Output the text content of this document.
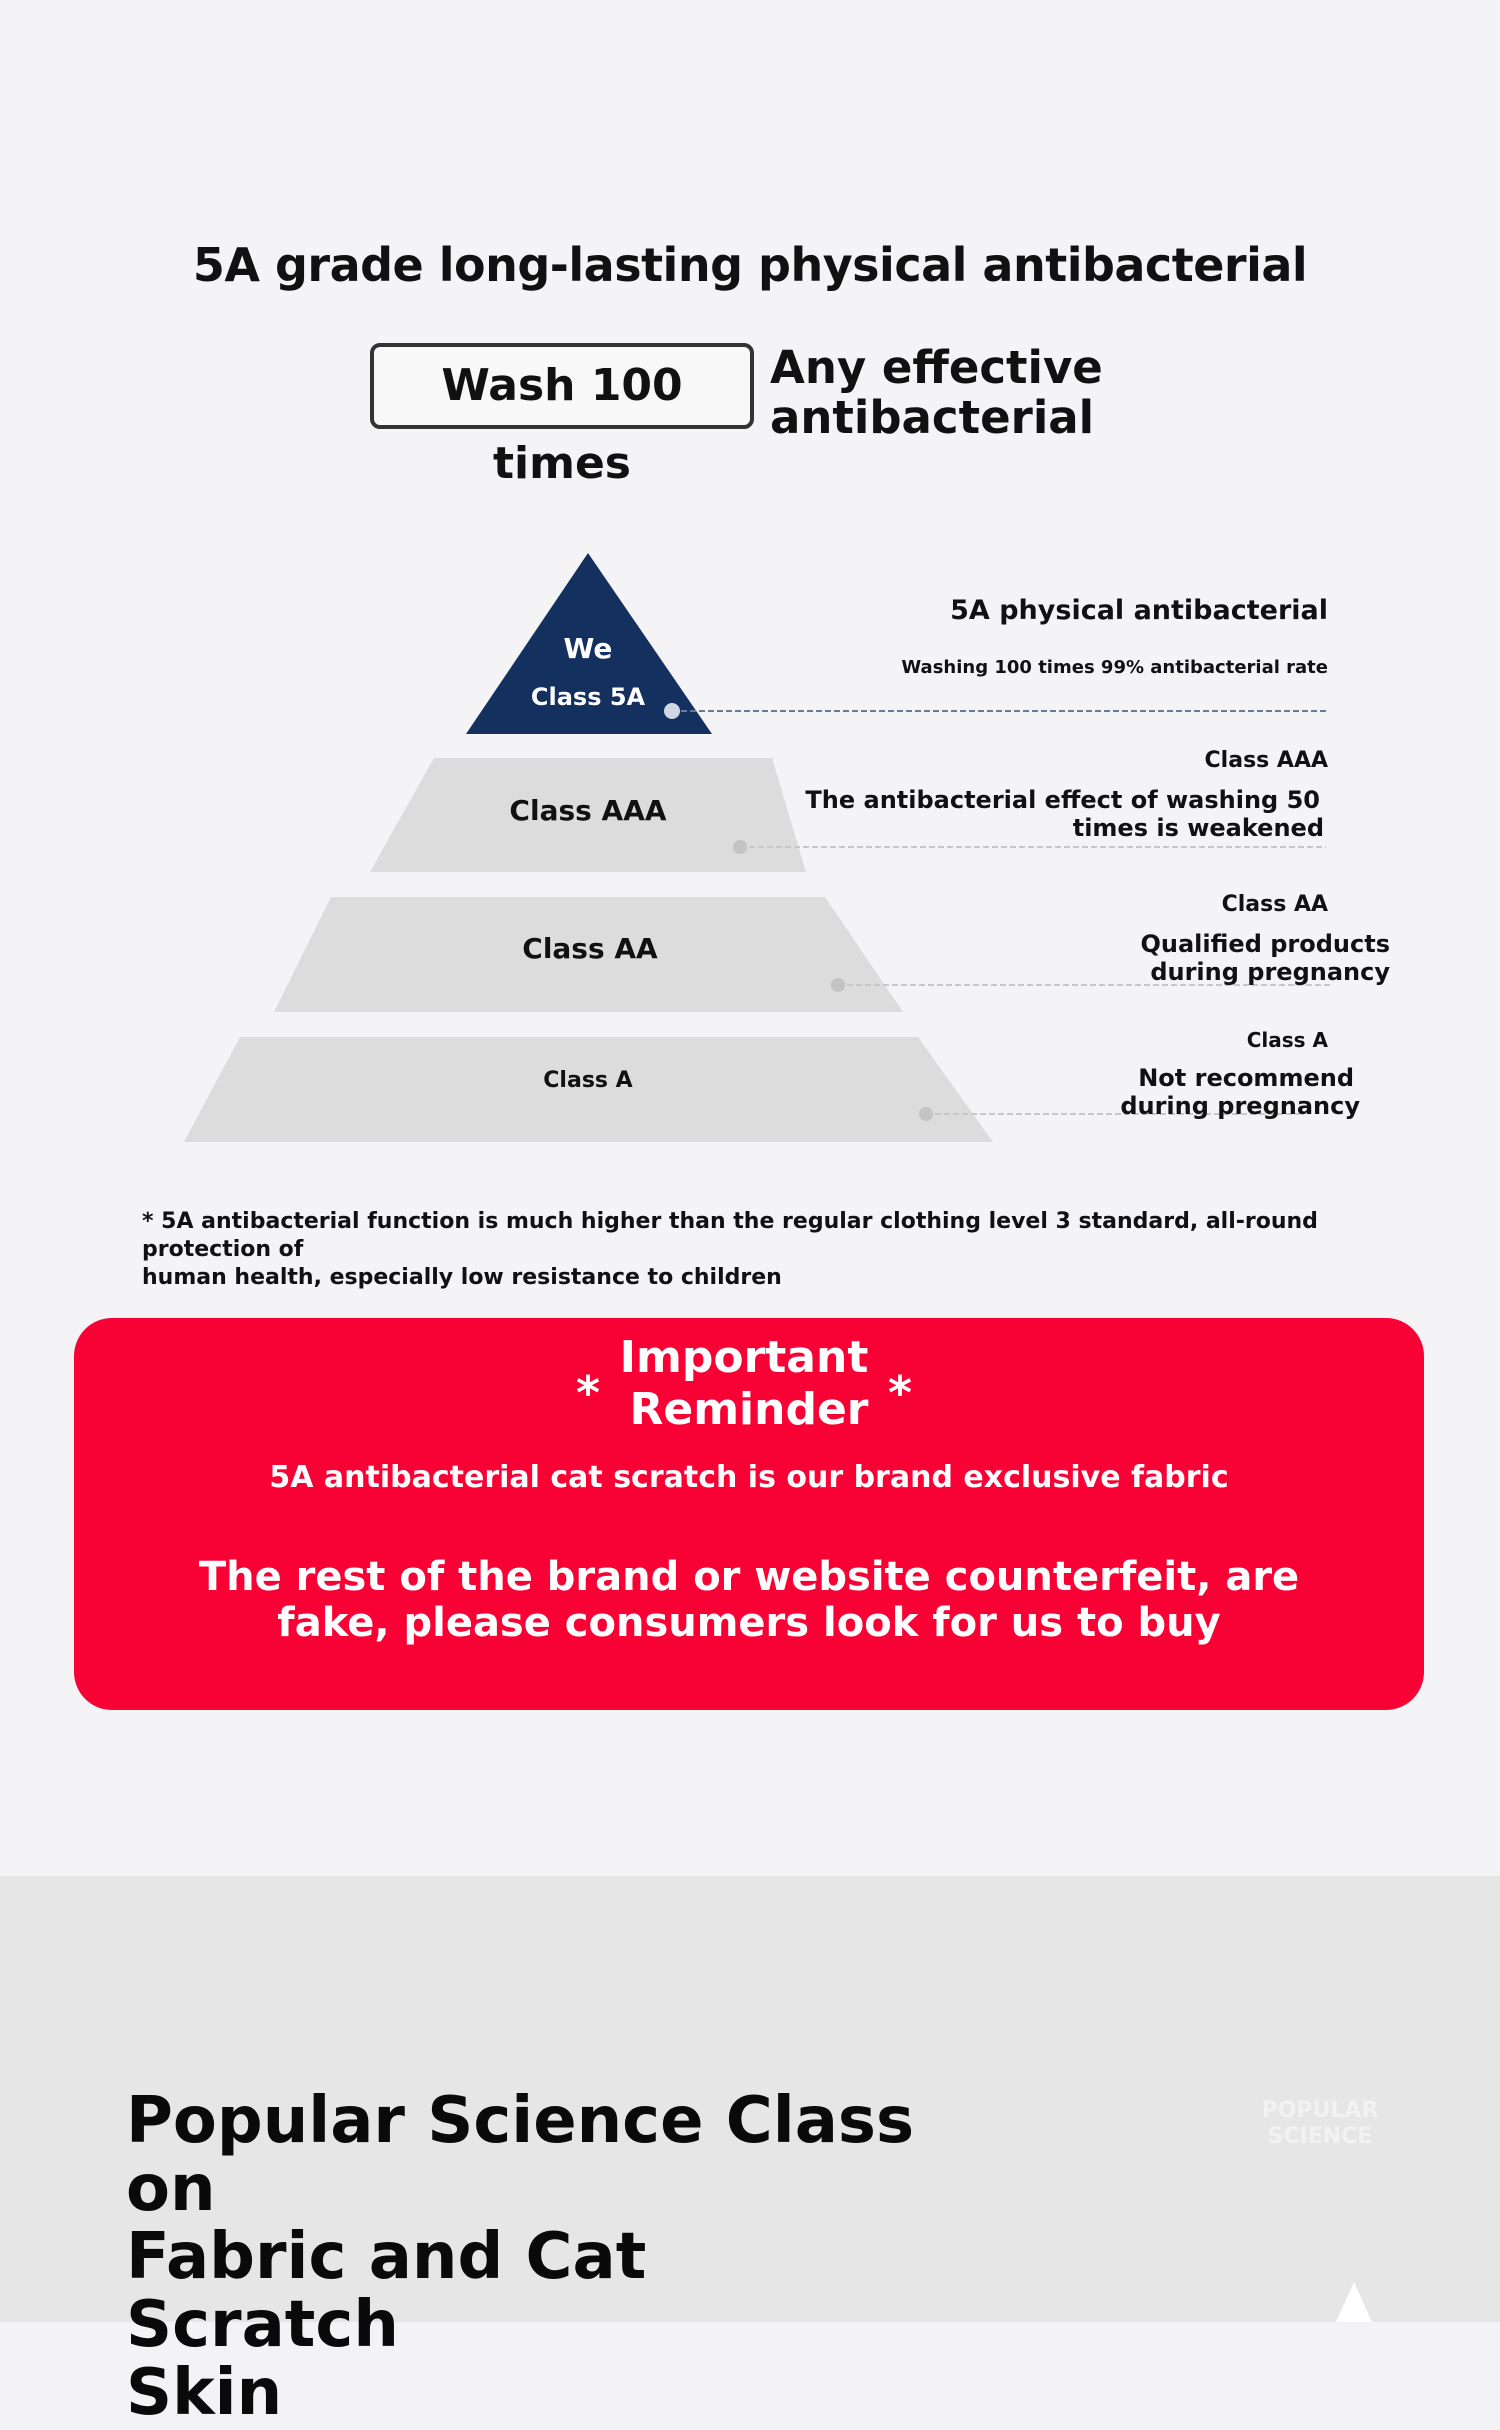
5A grade long-lasting physical antibacterial
Wash 100 times
Any effective antibacterial
We
Class 5A
Class AAA
Class AA
Class A
5A physical antibacterial
Washing 100 times 99% antibacterial rate
Class AAA
The antibacterial effect of washing 50
times is weakened
Class AA
Qualified products
during pregnancy
Class A
Not recommend
during pregnancy
* 5A antibacterial function is much higher than the regular clothing level 3 standard, all-round protection of
human health, especially low resistance to children
*
Important
Reminder *
5A antibacterial cat scratch is our brand exclusive fabric
The rest of the brand or website counterfeit, are
fake, please consumers look for us to buy
Popular Science Class on
Fabric and Cat Scratch
Skin
POPULAR
SCIENCE
